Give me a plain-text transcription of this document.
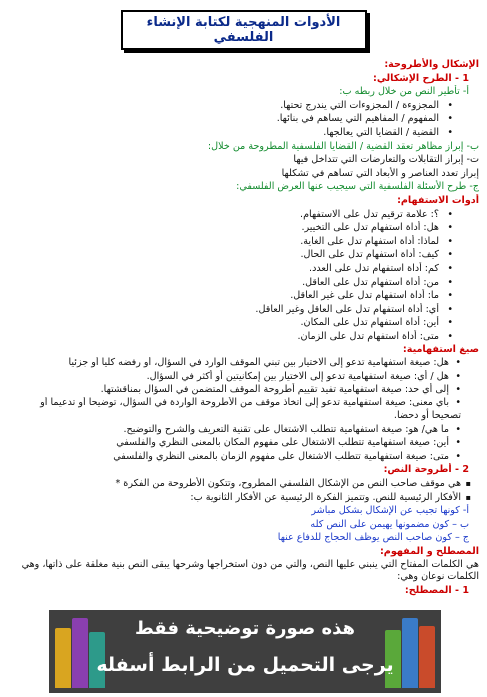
الأدوات المنهجية لكتابة الإنشاء الفلسفي
الإشكال والأطروحة:
1 - الطرح الإشكالي:
أ- تأطير النص من خلال ربطه ب:
• المجزوءة / المجزوءات التي يندرج تحتها.
• المفهوم / المفاهيم التي يساهم في بنائها.
• القضية / القضايا التي يعالجها.
ب- إبراز مظاهر تعقد القضية / القضايا الفلسفية المطروحة من خلال:
ت- إبراز التقابلات والتعارضات التي تتداخل فيها
إبراز تعدد العناصر و الأبعاد التي تساهم في تشكلها
ج- طرح الأسئلة الفلسفية التي سيجيب عنها العرض الفلسفي:
أدوات الاستفهام:
• ؟: علامة ترقيم تدل على الاستفهام.
• هل: أداة استفهام تدل على التخيير.
• لماذا: أداة استفهام تدل على الغاية.
• كيف: أداة استفهام تدل على الحال.
• كم: أداة استفهام تدل على العدد.
• من: أداة استفهام تدل على العاقل.
• ما: أداة استفهام تدل على غير العاقل.
• أي: أداة استفهام تدل على العاقل وغير العاقل.
• أين: أداة استفهام تدل على المكان.
• متى: أداة استفهام تدل على الزمان.
صيغ استفهامية:
• هل: صيغة استفهامية تدعو إلى الاختيار بين تبني الموقف الوارد في السؤال، أو رفضه كليا أو جزئيا
• هل / أي: صيغة استفهامية تدعو إلى الاختيار بين إمكانيتين أو أكثر في السؤال.
• إلى أي حد: صيغة استفهامية تفيد تقييم أطروحة الموقف المتضمن في السؤال بمناقشتها.
• بأي معنى: صيغة استفهامية تدعو إلى اتخاذ موقف من الأطروحة الواردة في السؤال، توضيحا أو تدعيما أو تصحيحا أو دحضا.
• ما هي/ هو: صيغة استفهامية تتطلب الاشتغال على تقنية التعريف والشرح والتوضيح.
• أين: صيغة استفهامية تتطلب الاشتغال على مفهوم المكان بالمعنى النظري والفلسفي
• متى: صيغة استفهامية تتطلب الاشتغال على مفهوم الزمان بالمعنى النظري والفلسفي
2 - أطروحة النص:
▪ هي موقف صاحب النص من الإشكال الفلسفي المطروح، وتتكون الأطروحة من الفكرة *
▪ الأفكار الرئيسية للنص. وتتميز الفكرة الرئيسية عن الأفكار الثانوية ب:
أ- كونها تجيب عن الإشكال بشكل مباشر
ب – كون مضمونها يهيمن على النص كله
ج – كون صاحب النص يوظف الحجاج للدفاع عنها
المصطلح و المفهوم:
هي الكلمات المفتاح التي ينبني عليها النص، والتي من دون استخراجها وشرحها يبقى النص بنية مغلقة على ذاتها، وهي الكلمات نوعان وهي:
1 - المصطلح:
هذه صورة توضيحية فقط
يرجى التحميل من الرابط أسفله
